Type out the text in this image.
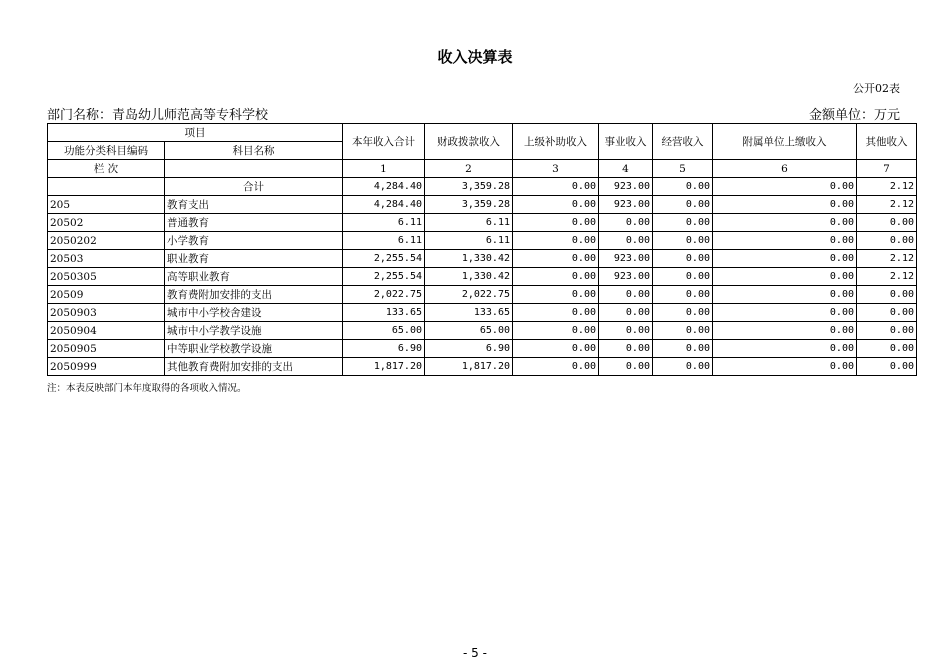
收入决算表
公开02表
部门名称：青岛幼儿师范高等专科学校	金额单位：万元
项目		本年收入合计	财政拨款收入	上级补助收入	事业收入	经营收入	附属单位上缴收入	其他收入
功能分类科目编码	科目名称							
栏 次		1	2	3	4	5	6	7
	合计	4,284.40	3,359.28	0.00	923.00	0.00	0.00	2.12
205	教育支出	4,284.40	3,359.28	0.00	923.00	0.00	0.00	2.12
20502	普通教育	6.11	6.11	0.00	0.00	0.00	0.00	0.00
2050202	小学教育	6.11	6.11	0.00	0.00	0.00	0.00	0.00
20503	职业教育	2,255.54	1,330.42	0.00	923.00	0.00	0.00	2.12
2050305	高等职业教育	2,255.54	1,330.42	0.00	923.00	0.00	0.00	2.12
20509	教育费附加安排的支出	2,022.75	2,022.75	0.00	0.00	0.00	0.00	0.00
2050903	城市中小学校舍建设	133.65	133.65	0.00	0.00	0.00	0.00	0.00
2050904	城市中小学教学设施	65.00	65.00	0.00	0.00	0.00	0.00	0.00
2050905	中等职业学校教学设施	6.90	6.90	0.00	0.00	0.00	0.00	0.00
2050999	其他教育费附加安排的支出	1,817.20	1,817.20	0.00	0.00	0.00	0.00	0.00
注：本表反映部门本年度取得的各项收入情况。
- 5 -
